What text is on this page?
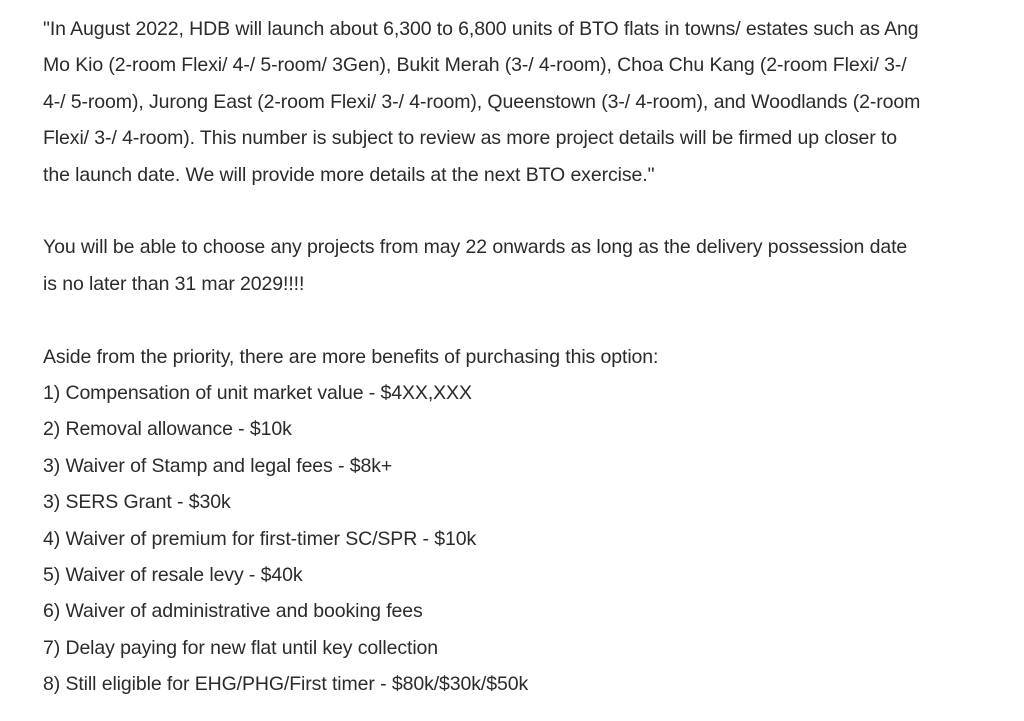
"In August 2022, HDB will launch about 6,300 to 6,800 units of BTO flats in towns/ estates such as Ang
Mo Kio (2-room Flexi/ 4-/ 5-room/ 3Gen), Bukit Merah (3-/ 4-room), Choa Chu Kang (2-room Flexi/ 3-/
4-/ 5-room), Jurong East (2-room Flexi/ 3-/ 4-room), Queenstown (3-/ 4-room), and Woodlands (2-room
Flexi/ 3-/ 4-room). This number is subject to review as more project details will be firmed up closer to
the launch date. We will provide more details at the next BTO exercise."
You will be able to choose any projects from may 22 onwards as long as the delivery possession date
is no later than 31 mar 2029!!!!
Aside from the priority, there are more benefits of purchasing this option:
1) Compensation of unit market value - $4XX,XXX
2) Removal allowance - $10k
3) Waiver of Stamp and legal fees - $8k+
3) SERS Grant - $30k
4) Waiver of premium for first-timer SC/SPR - $10k
5) Waiver of resale levy - $40k
6) Waiver of administrative and booking fees
7) Delay paying for new flat until key collection
8) Still eligible for EHG/PHG/First timer - $80k/$30k/$50k
